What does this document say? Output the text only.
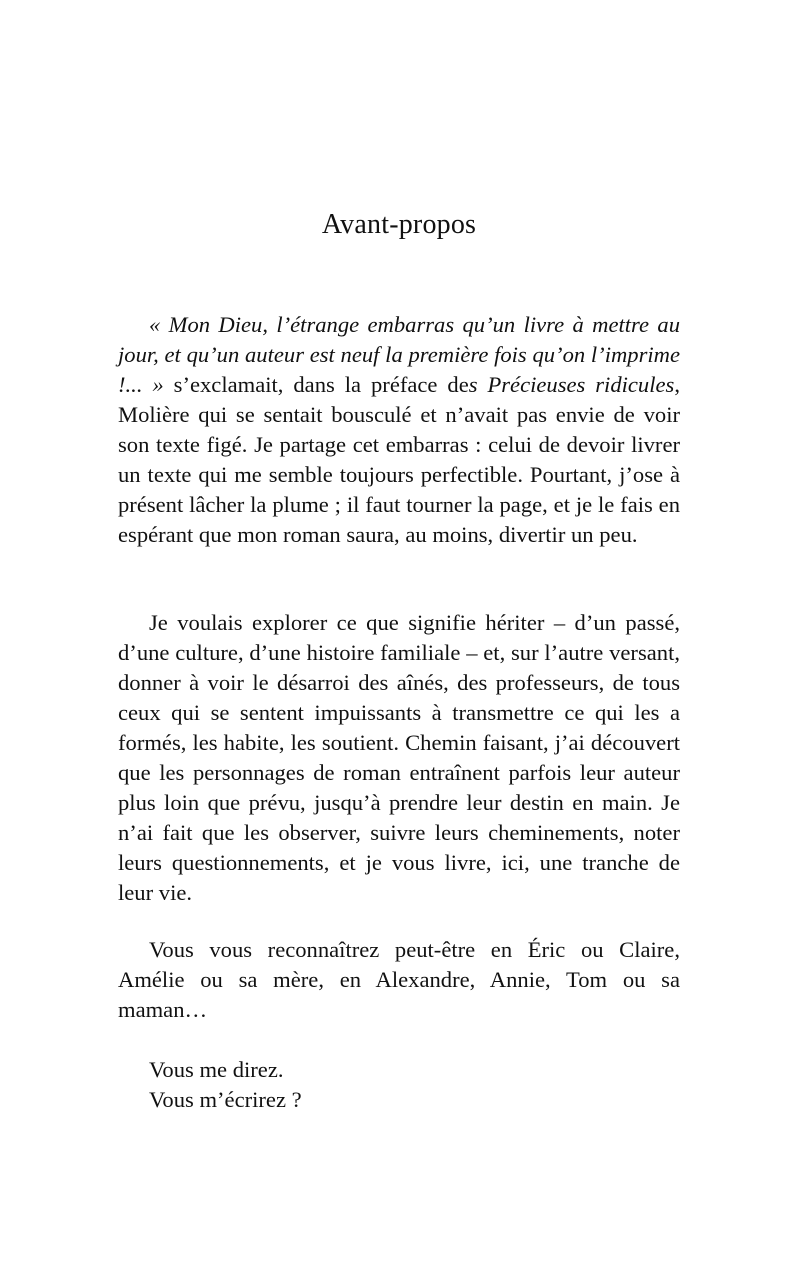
Avant-propos

« Mon Dieu, l’étrange embarras qu’un livre à mettre au jour, et qu’un auteur est neuf la première fois qu’on l’imprime !... » s’exclamait, dans la préface des Précieuses ridicules, Molière qui se sentait bousculé et n’avait pas envie de voir son texte figé. Je partage cet embarras : celui de devoir livrer un texte qui me semble toujours perfectible. Pourtant, j’ose à présent lâcher la plume ; il faut tourner la page, et je le fais en espérant que mon roman saura, au moins, divertir un peu.

Je voulais explorer ce que signifie hériter – d’un passé, d’une culture, d’une histoire familiale – et, sur l’autre versant, donner à voir le désarroi des aînés, des professeurs, de tous ceux qui se sentent impuissants à transmettre ce qui les a formés, les habite, les soutient. Chemin faisant, j’ai découvert que les personnages de roman entraînent parfois leur auteur plus loin que prévu, jusqu’à prendre leur destin en main. Je n’ai fait que les observer, suivre leurs cheminements, noter leurs questionnements, et je vous livre, ici, une tranche de leur vie.

Vous vous reconnaîtrez peut-être en Éric ou Claire, Amélie ou sa mère, en Alexandre, Annie, Tom ou sa maman…

Vous me direz.

Vous m’écrirez ?
